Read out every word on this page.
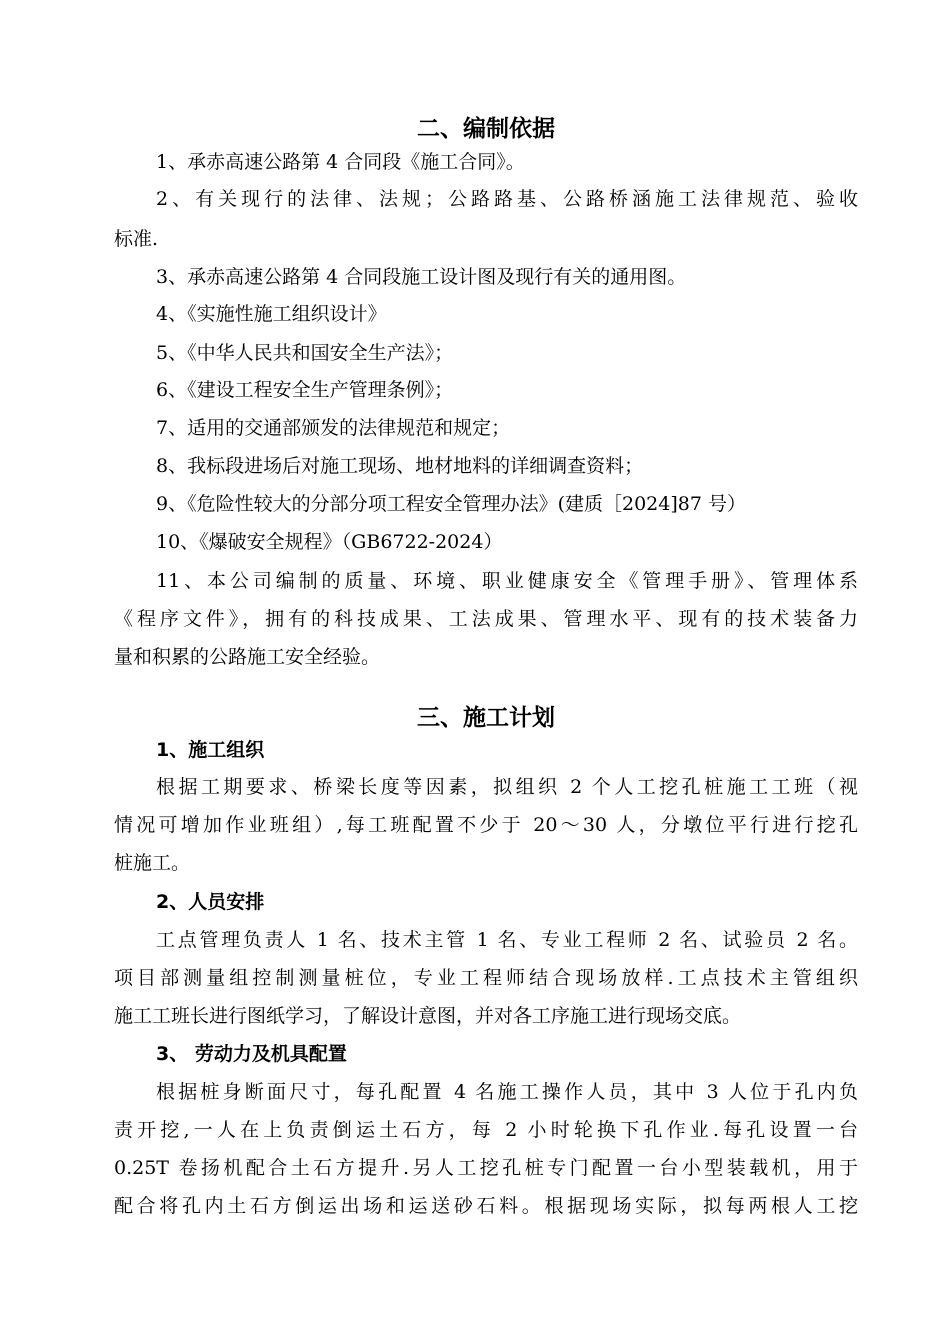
二、编制依据
1、承赤高速公路第 4 合同段《施工合同》。
2、有关现行的法律、法规；公路路基、公路桥涵施工法律规范、验收
标准.
3、承赤高速公路第 4 合同段施工设计图及现行有关的通用图。
4、《实施性施工组织设计》
5、《中华人民共和国安全生产法》；
6、《建设工程安全生产管理条例》；
7、适用的交通部颁发的法律规范和规定；
8、我标段进场后对施工现场、地材地料的详细调查资料；
9、《危险性较大的分部分项工程安全管理办法》(建质［2024]87 号）
10、《爆破安全规程》（GB6722-2024）
11、本公司编制的质量、环境、职业健康安全《管理手册》、管理体系
《程序文件》，拥有的科技成果、工法成果、管理水平、现有的技术装备力
量和积累的公路施工安全经验。
三、施工计划
1、施工组织
根据工期要求、桥梁长度等因素，拟组织 2 个人工挖孔桩施工工班（视
情况可增加作业班组）,每工班配置不少于 20～30 人，分墩位平行进行挖孔
桩施工。
2、人员安排
工点管理负责人 1 名、技术主管 1 名、专业工程师 2 名、试验员 2 名。
项目部测量组控制测量桩位，专业工程师结合现场放样.工点技术主管组织
施工工班长进行图纸学习，了解设计意图，并对各工序施工进行现场交底。
3、 劳动力及机具配置
根据桩身断面尺寸，每孔配置 4 名施工操作人员，其中 3 人位于孔内负
责开挖,一人在上负责倒运土石方，每 2 小时轮换下孔作业.每孔设置一台
0.25T 卷扬机配合土石方提升.另人工挖孔桩专门配置一台小型装载机，用于
配合将孔内土石方倒运出场和运送砂石料。根据现场实际，拟每两根人工挖
